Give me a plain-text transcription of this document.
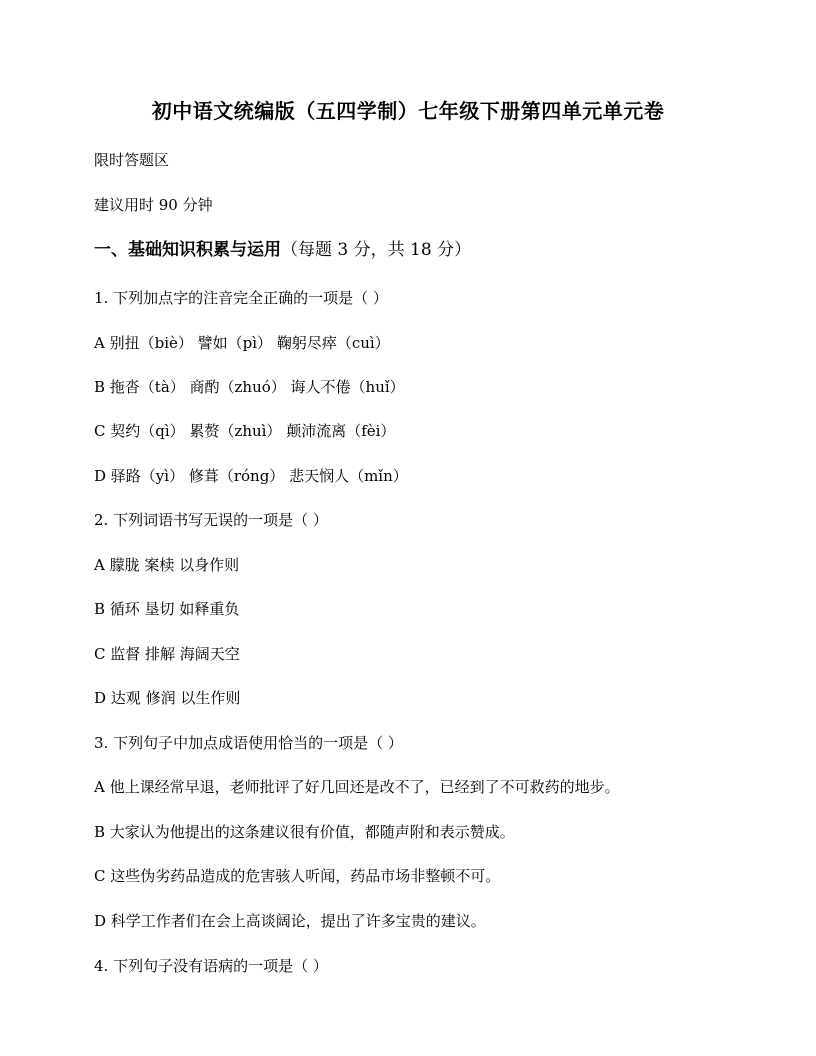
初中语文统编版（五四学制）七年级下册第四单元单元卷
限时答题区
建议用时 90 分钟
一、基础知识积累与运用（每题 3 分，共 18 分）
1. 下列加点字的注音完全正确的一项是（ ）
A 别扭（biè） 譬如（pì） 鞠躬尽瘁（cuì）
B 拖沓（tà） 商酌（zhuó） 诲人不倦（huǐ）
C 契约（qì） 累赘（zhuì） 颠沛流离（fèi）
D 驿路（yì） 修葺（róng） 悲天悯人（mǐn）
2. 下列词语书写无误的一项是（ ）
A 朦胧 案椟 以身作则
B 循环 垦切 如释重负
C 监督 排解 海阔天空
D 达观 修润 以生作则
3. 下列句子中加点成语使用恰当的一项是（ ）
A 他上课经常早退，老师批评了好几回还是改不了，已经到了不可救药的地步。
B 大家认为他提出的这条建议很有价值，都随声附和表示赞成。
C 这些伪劣药品造成的危害骇人听闻，药品市场非整顿不可。
D 科学工作者们在会上高谈阔论，提出了许多宝贵的建议。
4. 下列句子没有语病的一项是（ ）
